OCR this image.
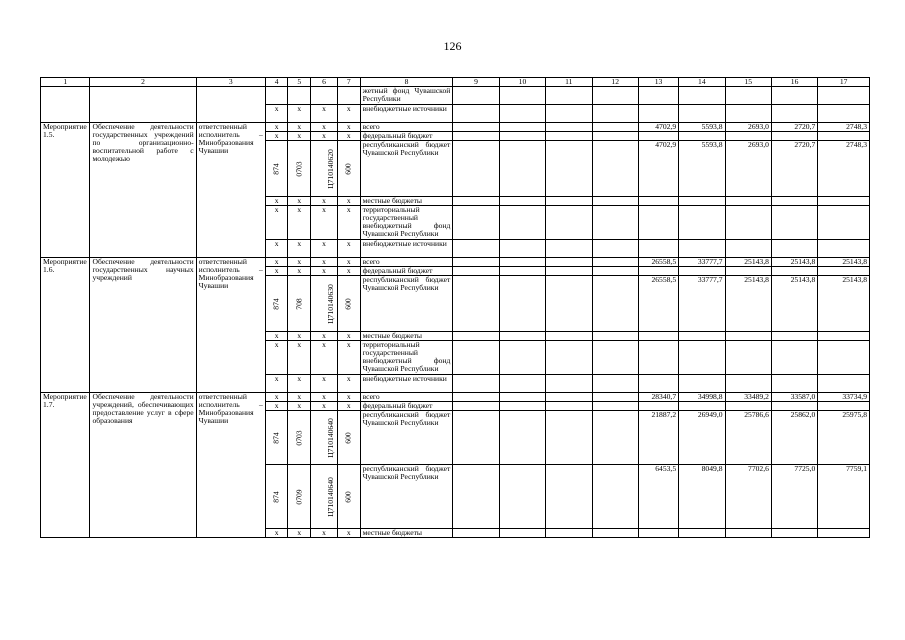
126
1	2	3	4	5	6	7	8	9	10	11	12	13	14	15	16	17
							жетный фонд Чувашской Республики									
			x	x	x	x	внебюджетные источники									
Мероприятие 1.5.	Обеспечение деятельности государственных учреждений по организационно-воспитательной работе с молодежью	ответственный исполнитель – Минобразования Чувашии	x	x	x	x	всего					4702,9	5593,8	2693,0	2720,7	2748,3
			x	x	x	x	федеральный бюджет									
			874	0703	Ц710140620	600	республиканский бюджет Чувашской Республики					4702,9	5593,8	2693,0	2720,7	2748,3
			x	x	x	x	местные бюджеты									
			x	x	x	x	территориальный государственный внебюджетный фонд Чувашской Республики									
			x	x	x	x	внебюджетные источники									
Мероприятие 1.6.	Обеспечение деятельности государственных научных учреждений	ответственный исполнитель – Минобразования Чувашии	x	x	x	x	всего					26558,5	33777,7	25143,8	25143,8	25143,8
			x	x	x	x	федеральный бюджет									
			874	708	Ц710140630	600	республиканский бюджет Чувашской Республики					26558,5	33777,7	25143,8	25143,8	25143,8
			x	x	x	x	местные бюджеты									
			x	x	x	x	территориальный государственный внебюджетный фонд Чувашской Республики									
			x	x	x	x	внебюджетные источники									
Мероприятие 1.7.	Обеспечение деятельности учреждений, обеспечивающих предоставление услуг в сфере образования	ответственный исполнитель – Минобразования Чувашии	x	x	x	x	всего					28340,7	34998,8	33489,2	33587,0	33734,9
			x	x	x	x	федеральный бюджет									
			874	0703	Ц710140640	600	республиканский бюджет Чувашской Республики					21887,2	26949,0	25786,6	25862,0	25975,8
			874	0709	Ц710140640	600	республиканский бюджет Чувашской Республики					6453,5	8049,8	7702,6	7725,0	7759,1
			x	x	x	x	местные бюджеты									
